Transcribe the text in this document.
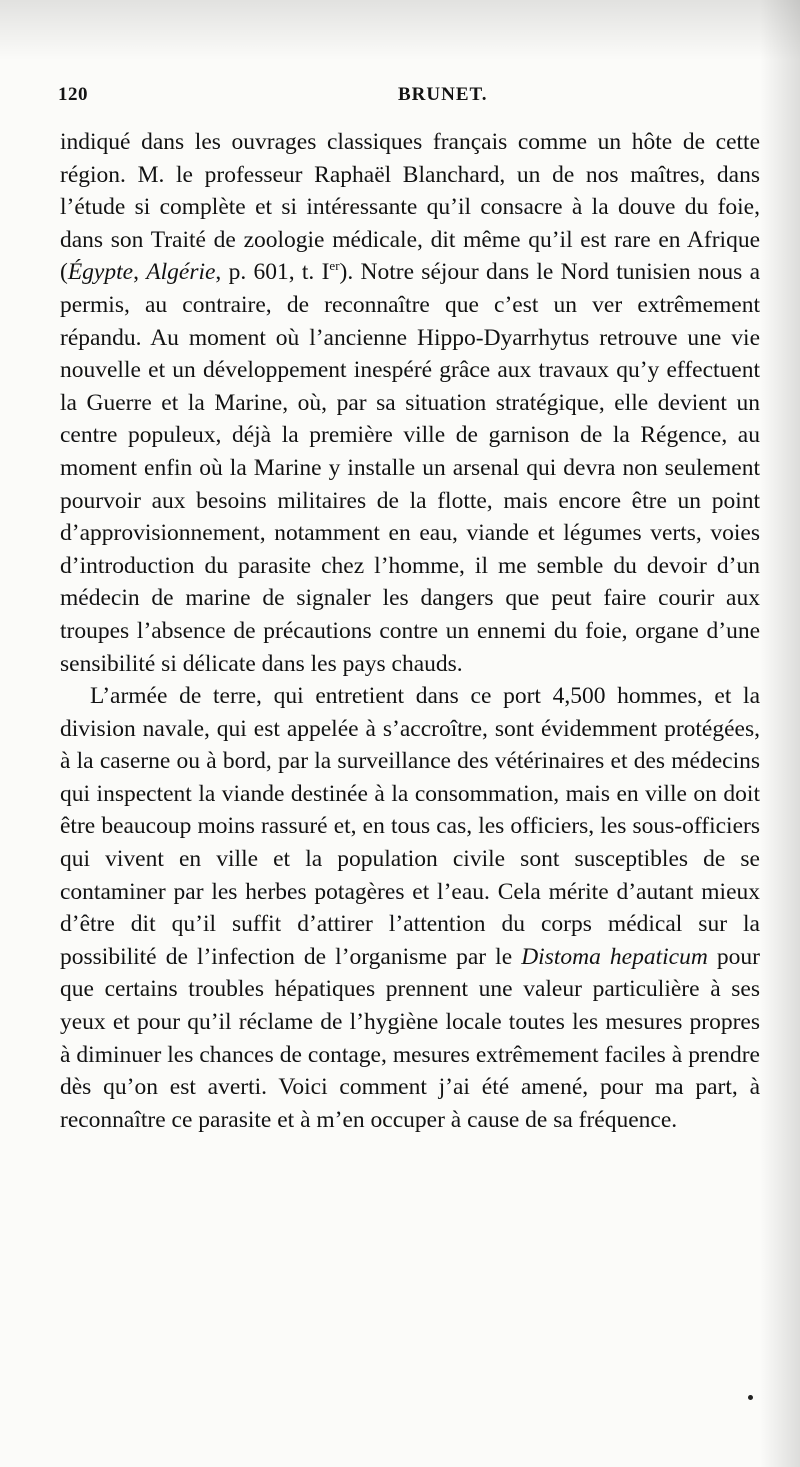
120	BRUNET.

indiqué dans les ouvrages classiques français comme un hôte de cette région. M. le professeur Raphaël Blanchard, un de nos maîtres, dans l’étude si complète et si intéressante qu’il consacre à la douve du foie, dans son Traité de zoologie médicale, dit même qu’il est rare en Afrique (Égypte, Algérie, p. 601, t. Ier). Notre séjour dans le Nord tunisien nous a permis, au contraire, de reconnaître que c’est un ver extrêmement répandu. Au moment où l’ancienne Hippo-Dyarrhytus retrouve une vie nouvelle et un développement inespéré grâce aux travaux qu’y effectuent la Guerre et la Marine, où, par sa situation stratégique, elle devient un centre populeux, déjà la première ville de garnison de la Régence, au moment enfin où la Marine y installe un arsenal qui devra non seulement pourvoir aux besoins militaires de la flotte, mais encore être un point d’approvisionnement, notamment en eau, viande et légumes verts, voies d’introduction du parasite chez l’homme, il me semble du devoir d’un médecin de marine de signaler les dangers que peut faire courir aux troupes l’absence de précautions contre un ennemi du foie, organe d’une sensibilité si délicate dans les pays chauds.

L’armée de terre, qui entretient dans ce port 4,500 hommes, et la division navale, qui est appelée à s’accroître, sont évidemment protégées, à la caserne ou à bord, par la surveillance des vétérinaires et des médecins qui inspectent la viande destinée à la consommation, mais en ville on doit être beaucoup moins rassuré et, en tous cas, les officiers, les sous-officiers qui vivent en ville et la population civile sont susceptibles de se contaminer par les herbes potagères et l’eau. Cela mérite d’autant mieux d’être dit qu’il suffit d’attirer l’attention du corps médical sur la possibilité de l’infection de l’organisme par le Distoma hepaticum pour que certains troubles hépatiques prennent une valeur particulière à ses yeux et pour qu’il réclame de l’hygiène locale toutes les mesures propres à diminuer les chances de contage, mesures extrêmement faciles à prendre dès qu’on est averti. Voici comment j’ai été amené, pour ma part, à reconnaître ce parasite et à m’en occuper à cause de sa fréquence.
